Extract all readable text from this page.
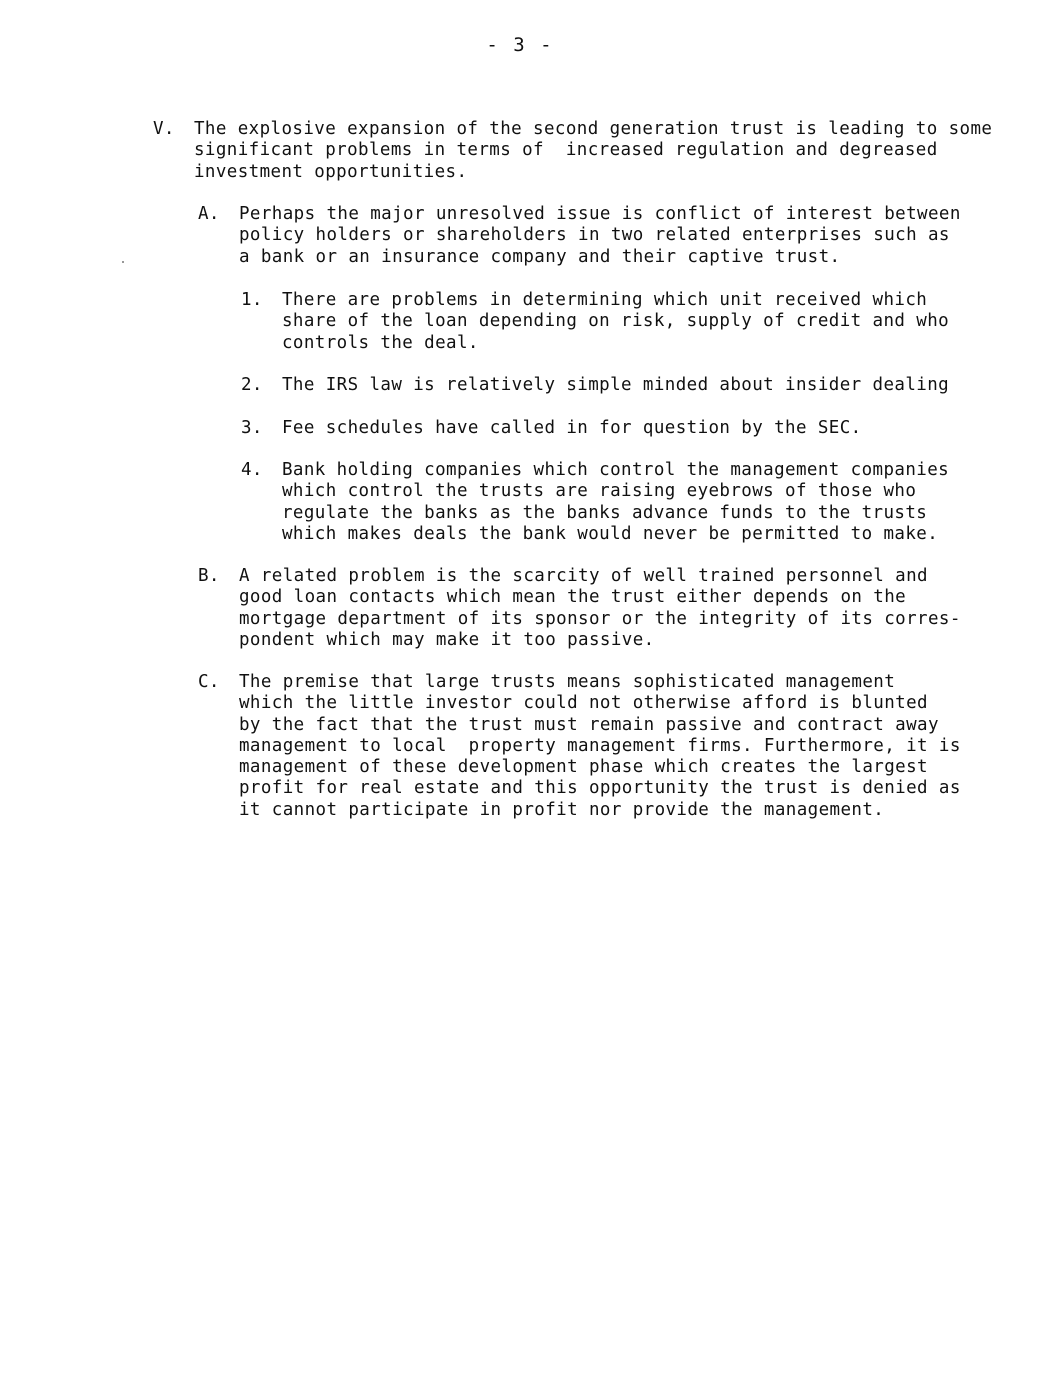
- 3 -
V. The explosive expansion of the second generation trust is leading to some
significant problems in terms of  increased regulation and degreased
investment opportunities.
A. Perhaps the major unresolved issue is conflict of interest between
policy holders or shareholders in two related enterprises such as
a bank or an insurance company and their captive trust.
1. There are problems in determining which unit received which
share of the loan depending on risk, supply of credit and who
controls the deal.
2. The IRS law is relatively simple minded about insider dealing
3. Fee schedules have called in for question by the SEC.
4. Bank holding companies which control the management companies
which control the trusts are raising eyebrows of those who
regulate the banks as the banks advance funds to the trusts
which makes deals the bank would never be permitted to make.
B. A related problem is the scarcity of well trained personnel and
good loan contacts which mean the trust either depends on the
mortgage department of its sponsor or the integrity of its corres-
pondent which may make it too passive.
C. The premise that large trusts means sophisticated management
which the little investor could not otherwise afford is blunted
by the fact that the trust must remain passive and contract away
management to local  property management firms. Furthermore, it is
management of these development phase which creates the largest
profit for real estate and this opportunity the trust is denied as
it cannot participate in profit nor provide the management.
